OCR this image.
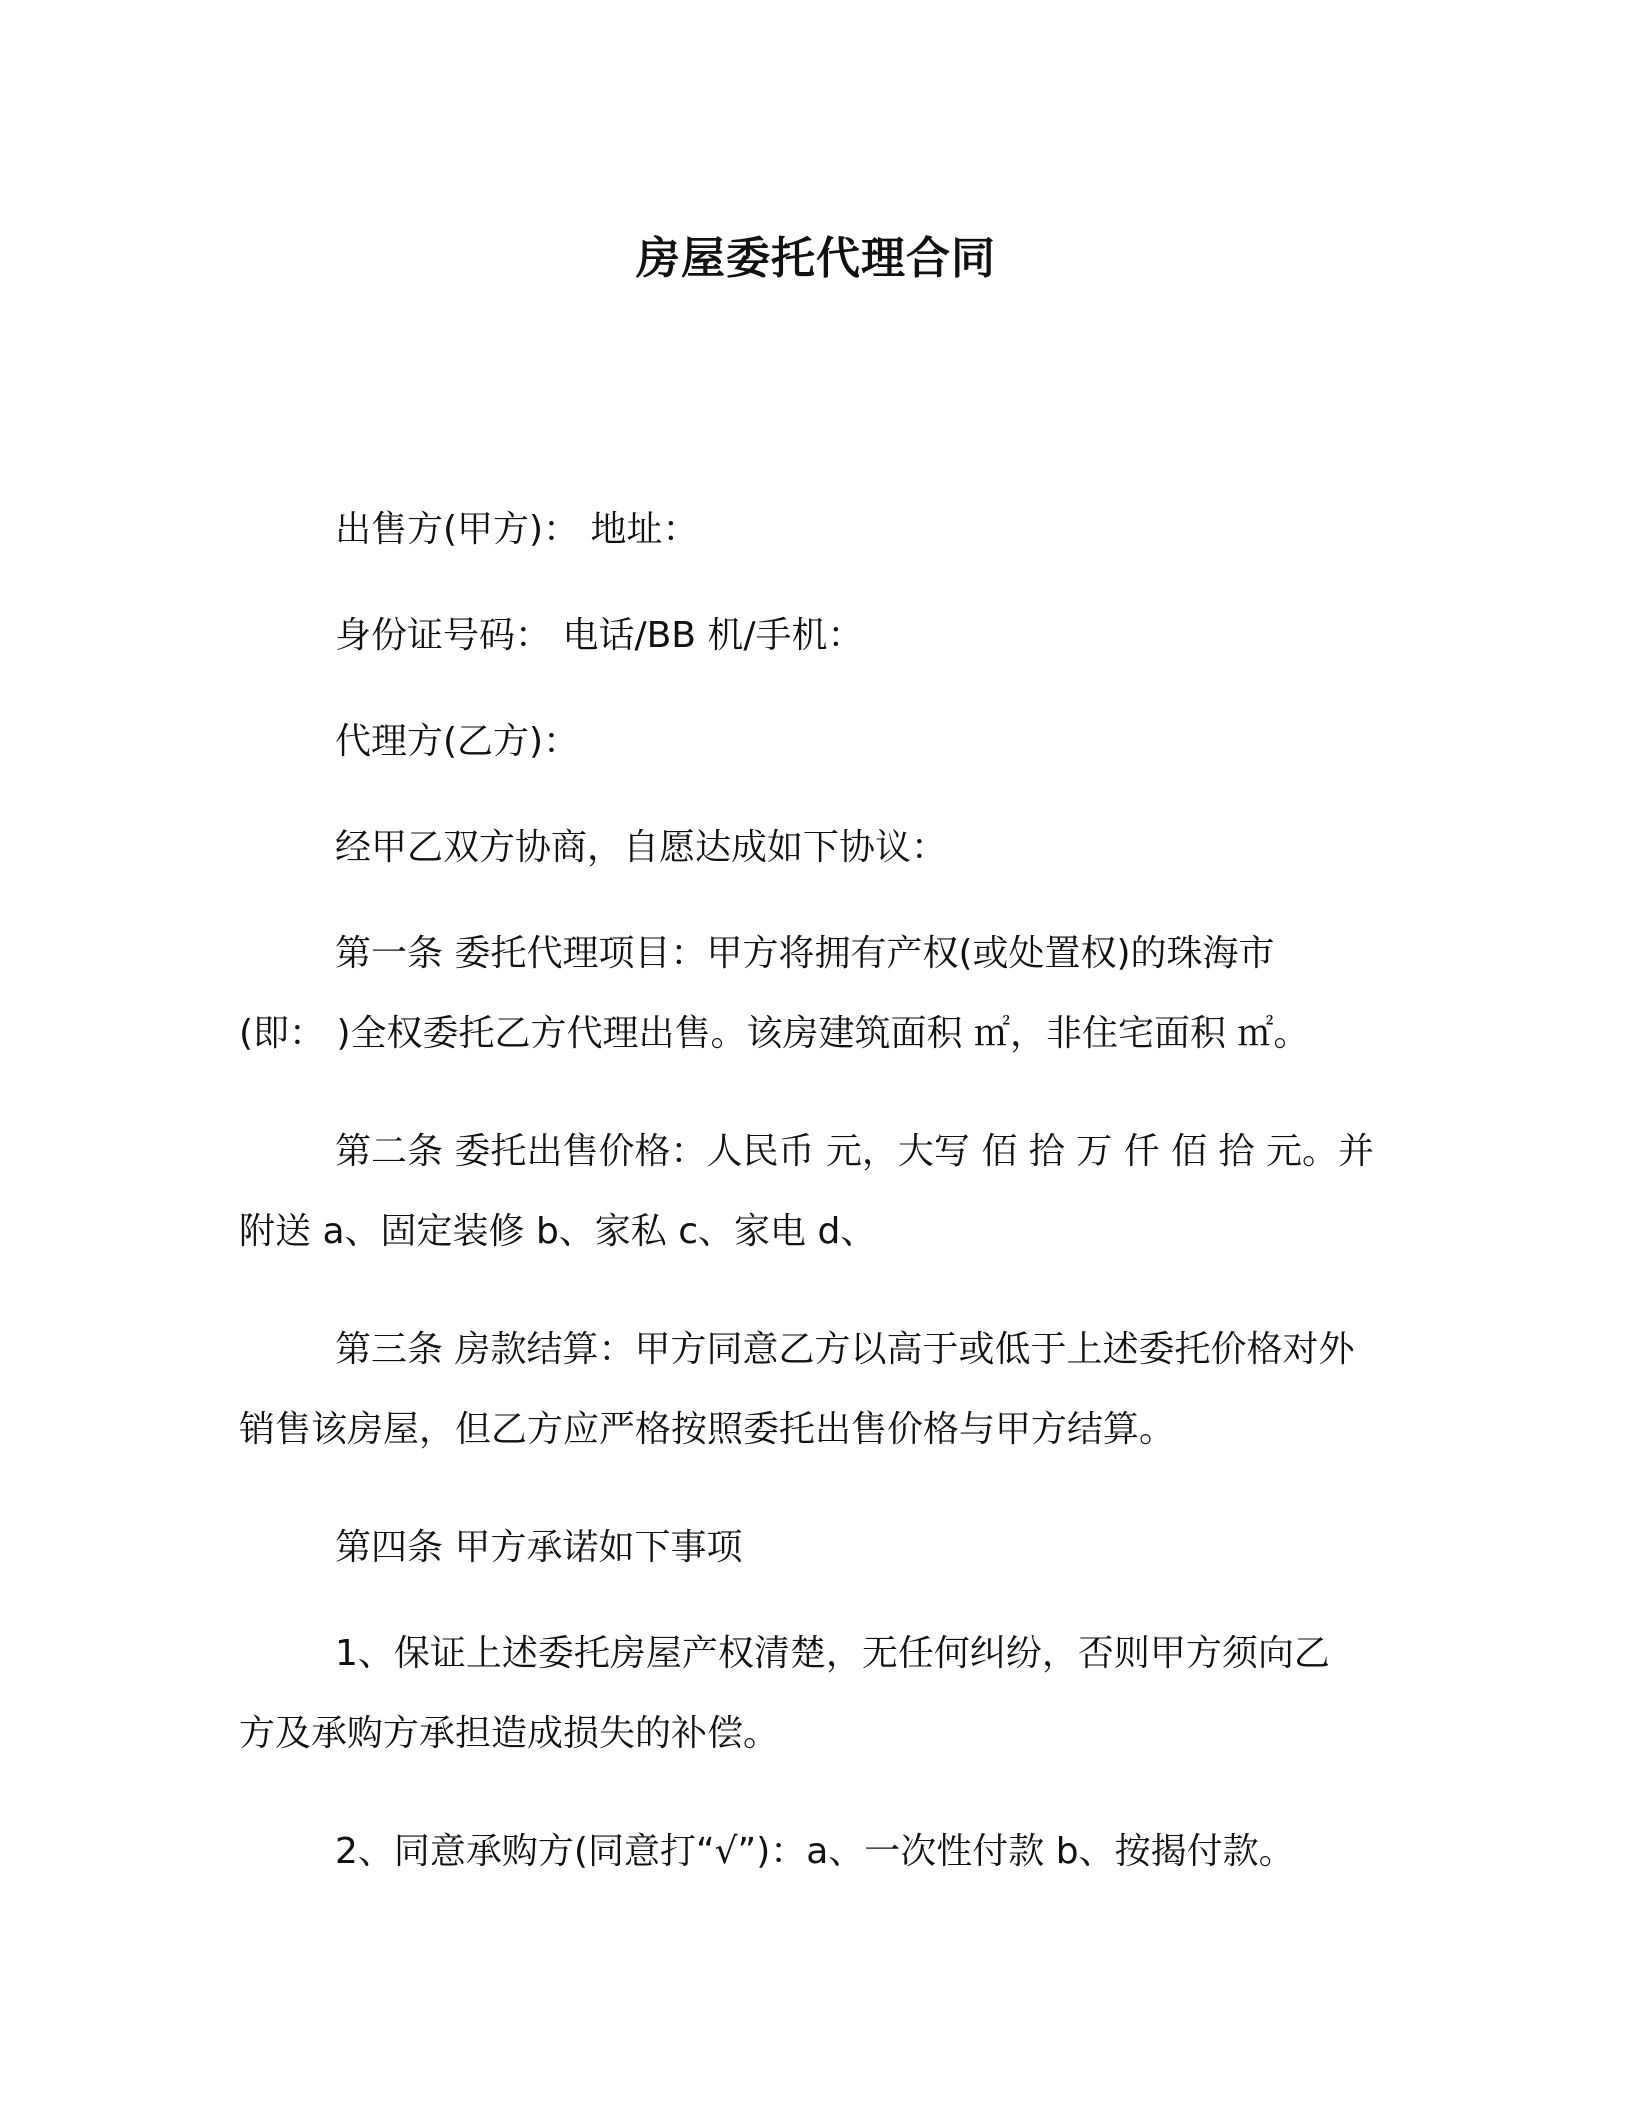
房屋委托代理合同

出售方(甲方)： 地址：

身份证号码： 电话/BB 机/手机：

代理方(乙方)：

经甲乙双方协商，自愿达成如下协议：

第一条 委托代理项目：甲方将拥有产权(或处置权)的珠海市

(即： )全权委托乙方代理出售。该房建筑面积 ㎡，非住宅面积 ㎡。

第二条 委托出售价格：人民币 元，大写 佰 拾 万 仟 佰 拾 元。并

附送 a、固定装修 b、家私 c、家电 d、

第三条 房款结算：甲方同意乙方以高于或低于上述委托价格对外

销售该房屋，但乙方应严格按照委托出售价格与甲方结算。

第四条 甲方承诺如下事项

1、保证上述委托房屋产权清楚，无任何纠纷，否则甲方须向乙

方及承购方承担造成损失的补偿。

2、同意承购方(同意打“√”)：a、一次性付款 b、按揭付款。
